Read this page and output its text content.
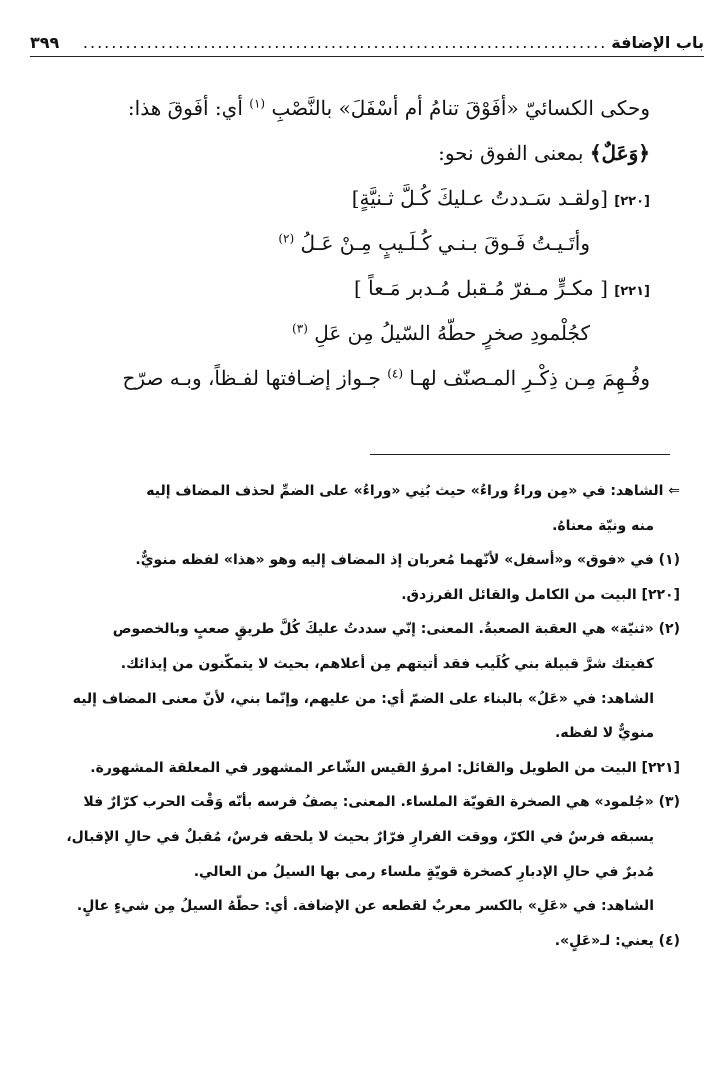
باب الإضافة
..........................................................................
٣٩٩
وحكى الكسائيّ «أفَوْقَ تنامُ أم أسْفَلَ» بالنَّصْبِ $^{(١)}$ أي: أفَوقَ هذا:
﴿وَعَلٌ﴾ بمعنى الفوق نحو:
[٢٢٠] [ولقـد سَـددتُ عـليكَ كُـلَّ ثـنيَّةٍ]
وأتَـيـتُ فَـوقَ بـنـي كُـلَـيبٍ مِـنْ عَـلُ $^{(٢)}$
[٢٢١] [ مكـرٍّ مـفرّ مُـقبل مُـدبر مَـعاً ]
كجُلْمودِ صخرٍ حطّهُ السّيلُ مِن عَلِ $^{(٣)}$
وفُـهِمَ مِـن ذِكْـرِ المـصنّف لهـا $^{(٤)}$ جـواز إضـافتها لفـظاً، وبـه صرّح
⇐ الشاهد: في «مِن وراءُ وراءُ» حيث بُنِي «وراءُ» على الضمِّ لحذف المضاف إليه
منه ونيّة معناهُ.
(١) في «فوق» و«أسفل» لأنّهما مُعربان إذ المضاف إليه وهو «هذا» لفظه منويٌّ.
[٢٢٠] البيت من الكامل والقائل الفرزدق.
(٢) «ثنيّة» هي العقبة الصعبةُ. المعنى: إنّي سددتُ عليكَ كُلَّ طريقٍ صعبٍ وبالخصوص
كفيتك شرَّ قبيلة بني كُلَيب فقد أتيتهم مِن أعلاهم، بحيث لا يتمكّنون من إيذائك.
الشاهد: في «عَلُ» بالبناء على الضمّ أي: من عليهم، وإنّما بني، لأنّ معنى المضاف إليه
منويٌّ لا لفظه.
[٢٢١] البيت من الطويل والقائل: امرؤ القيس الشّاعر المشهور في المعلقة المشهورة.
(٣) «جُلمود» هي الصخرة القويّة الملساء. المعنى: يصفُ فرسه بأنّه وَقْت الحرب كرّارٌ فلا
يسبقه فرسٌ في الكرّ، ووقت الفرارِ فرّارٌ بحيث لا يلحقه فرسٌ، مُقبلٌ في حالِ الإقبال،
مُدبرٌ في حالِ الإدبارِ كصخرة قويّةٍ ملساء رمى بها السيلُ من العالي.
الشاهد: في «عَلِ» بالكسر معربٌ لقطعه عن الإضافة. أي: حطّهُ السيلُ مِن شيءٍ عالٍ.
(٤) يعني: لـ«عَلٍ».
